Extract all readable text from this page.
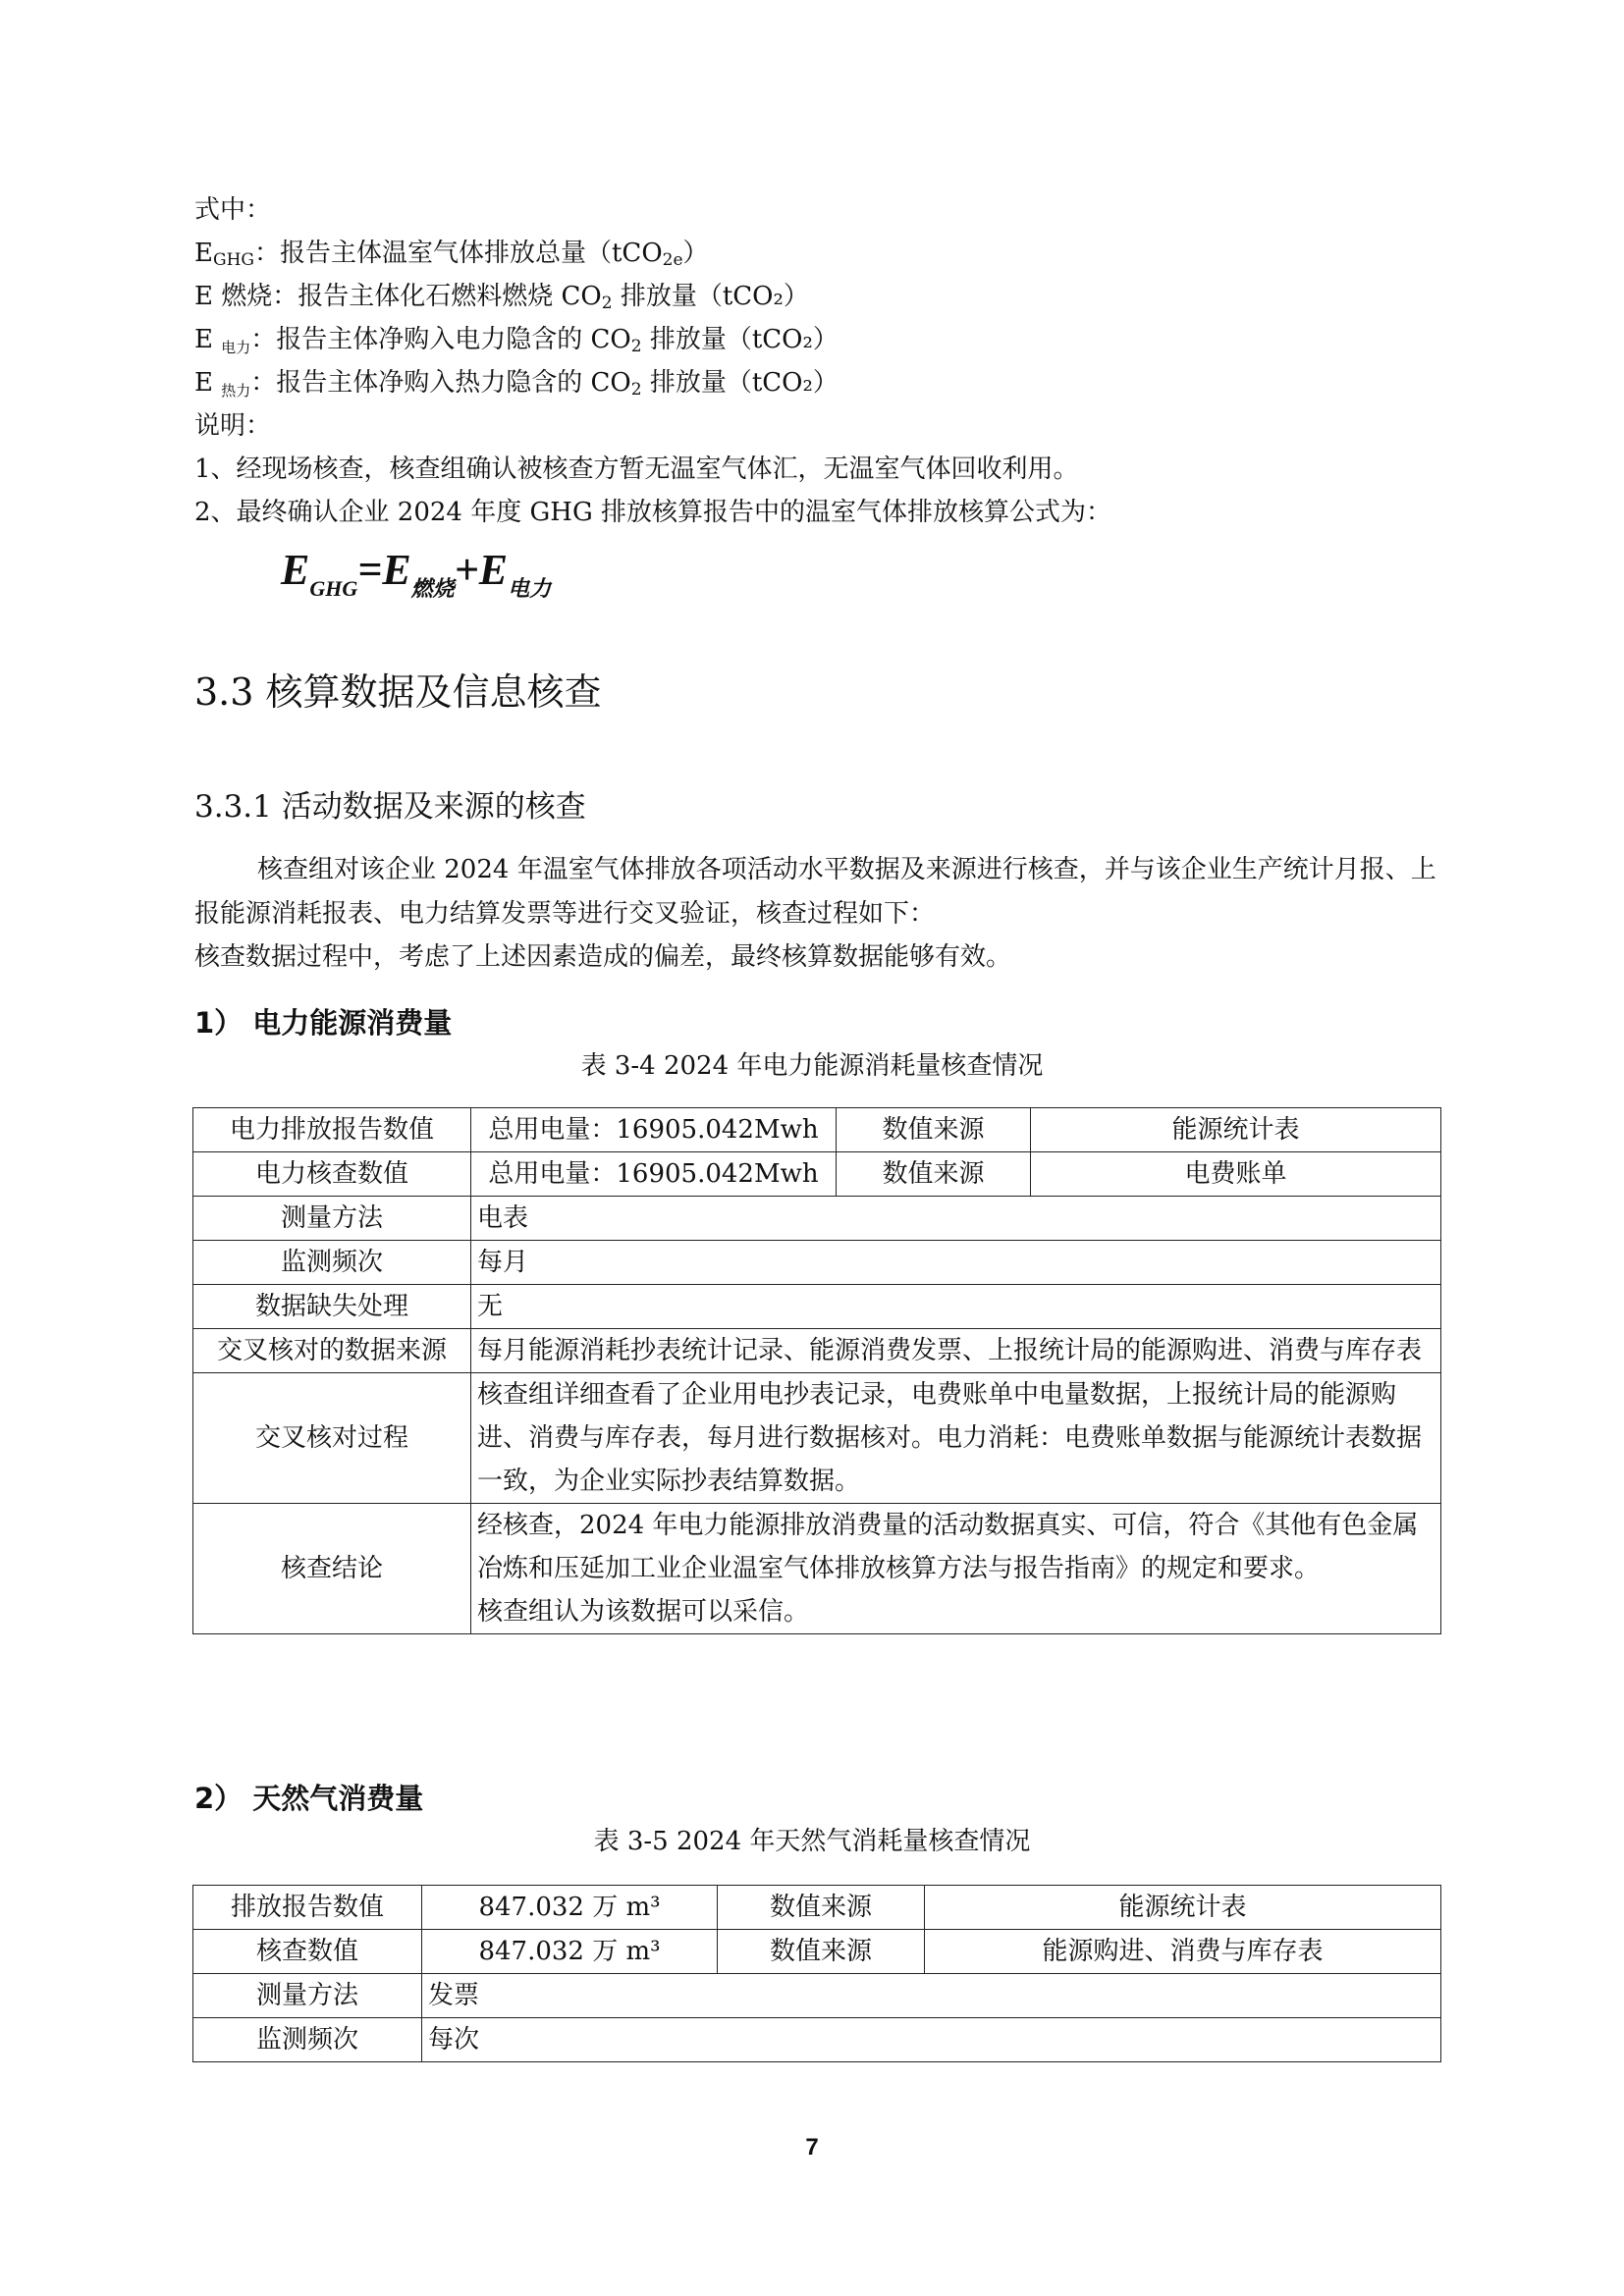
式中：
$E_{GHG}$：报告主体温室气体排放总量（tCO$_{2e}$）
E 燃烧：报告主体化石燃料燃烧 $CO_2$ 排放量（tCO₂）
E 电力：报告主体净购入电力隐含的 $CO_2$ 排放量（tCO₂）
E 热力：报告主体净购入热力隐含的 $CO_2$ 排放量（tCO₂）
说明：
1、经现场核查，核查组确认被核查方暂无温室气体汇，无温室气体回收利用。
2、最终确认企业 2024 年度 GHG 排放核算报告中的温室气体排放核算公式为：
$E_{GHG}=E_{燃烧}+E_{电力}$
3.3 核算数据及信息核查
3.3.1 活动数据及来源的核查
核查组对该企业 2024 年温室气体排放各项活动水平数据及来源进行核查，并与该企业生产统计月报、上报能源消耗报表、电力结算发票等进行交叉验证，核查过程如下：
核查数据过程中，考虑了上述因素造成的偏差，最终核算数据能够有效。
1） 电力能源消费量
表 3-4 2024 年电力能源消耗量核查情况
电力排放报告数值	总用电量：16905.042Mwh	数值来源	能源统计表
电力核查数值	总用电量：16905.042Mwh	数值来源	电费账单
测量方法	电表		
监测频次	每月		
数据缺失处理	无		
交叉核对的数据来源	每月能源消耗抄表统计记录、能源消费发票、上报统计局的能源购进、消费与库存表		
交叉核对过程	核查组详细查看了企业用电抄表记录，电费账单中电量数据，上报统计局的能源购进、消费与库存表，每月进行数据核对。电力消耗：电费账单数据与能源统计表数据一致，为企业实际抄表结算数据。		
核查结论	经核查，2024 年电力能源排放消费量的活动数据真实、可信，符合《其他有色金属冶炼和压延加工业企业温室气体排放核算方法与报告指南》的规定和要求。
核查组认为该数据可以采信。		
2） 天然气消费量
表 3-5 2024 年天然气消耗量核查情况
排放报告数值	847.032 万 m³	数值来源	能源统计表
核查数值	847.032 万 m³	数值来源	能源购进、消费与库存表
测量方法	发票		
监测频次	每次		
7
